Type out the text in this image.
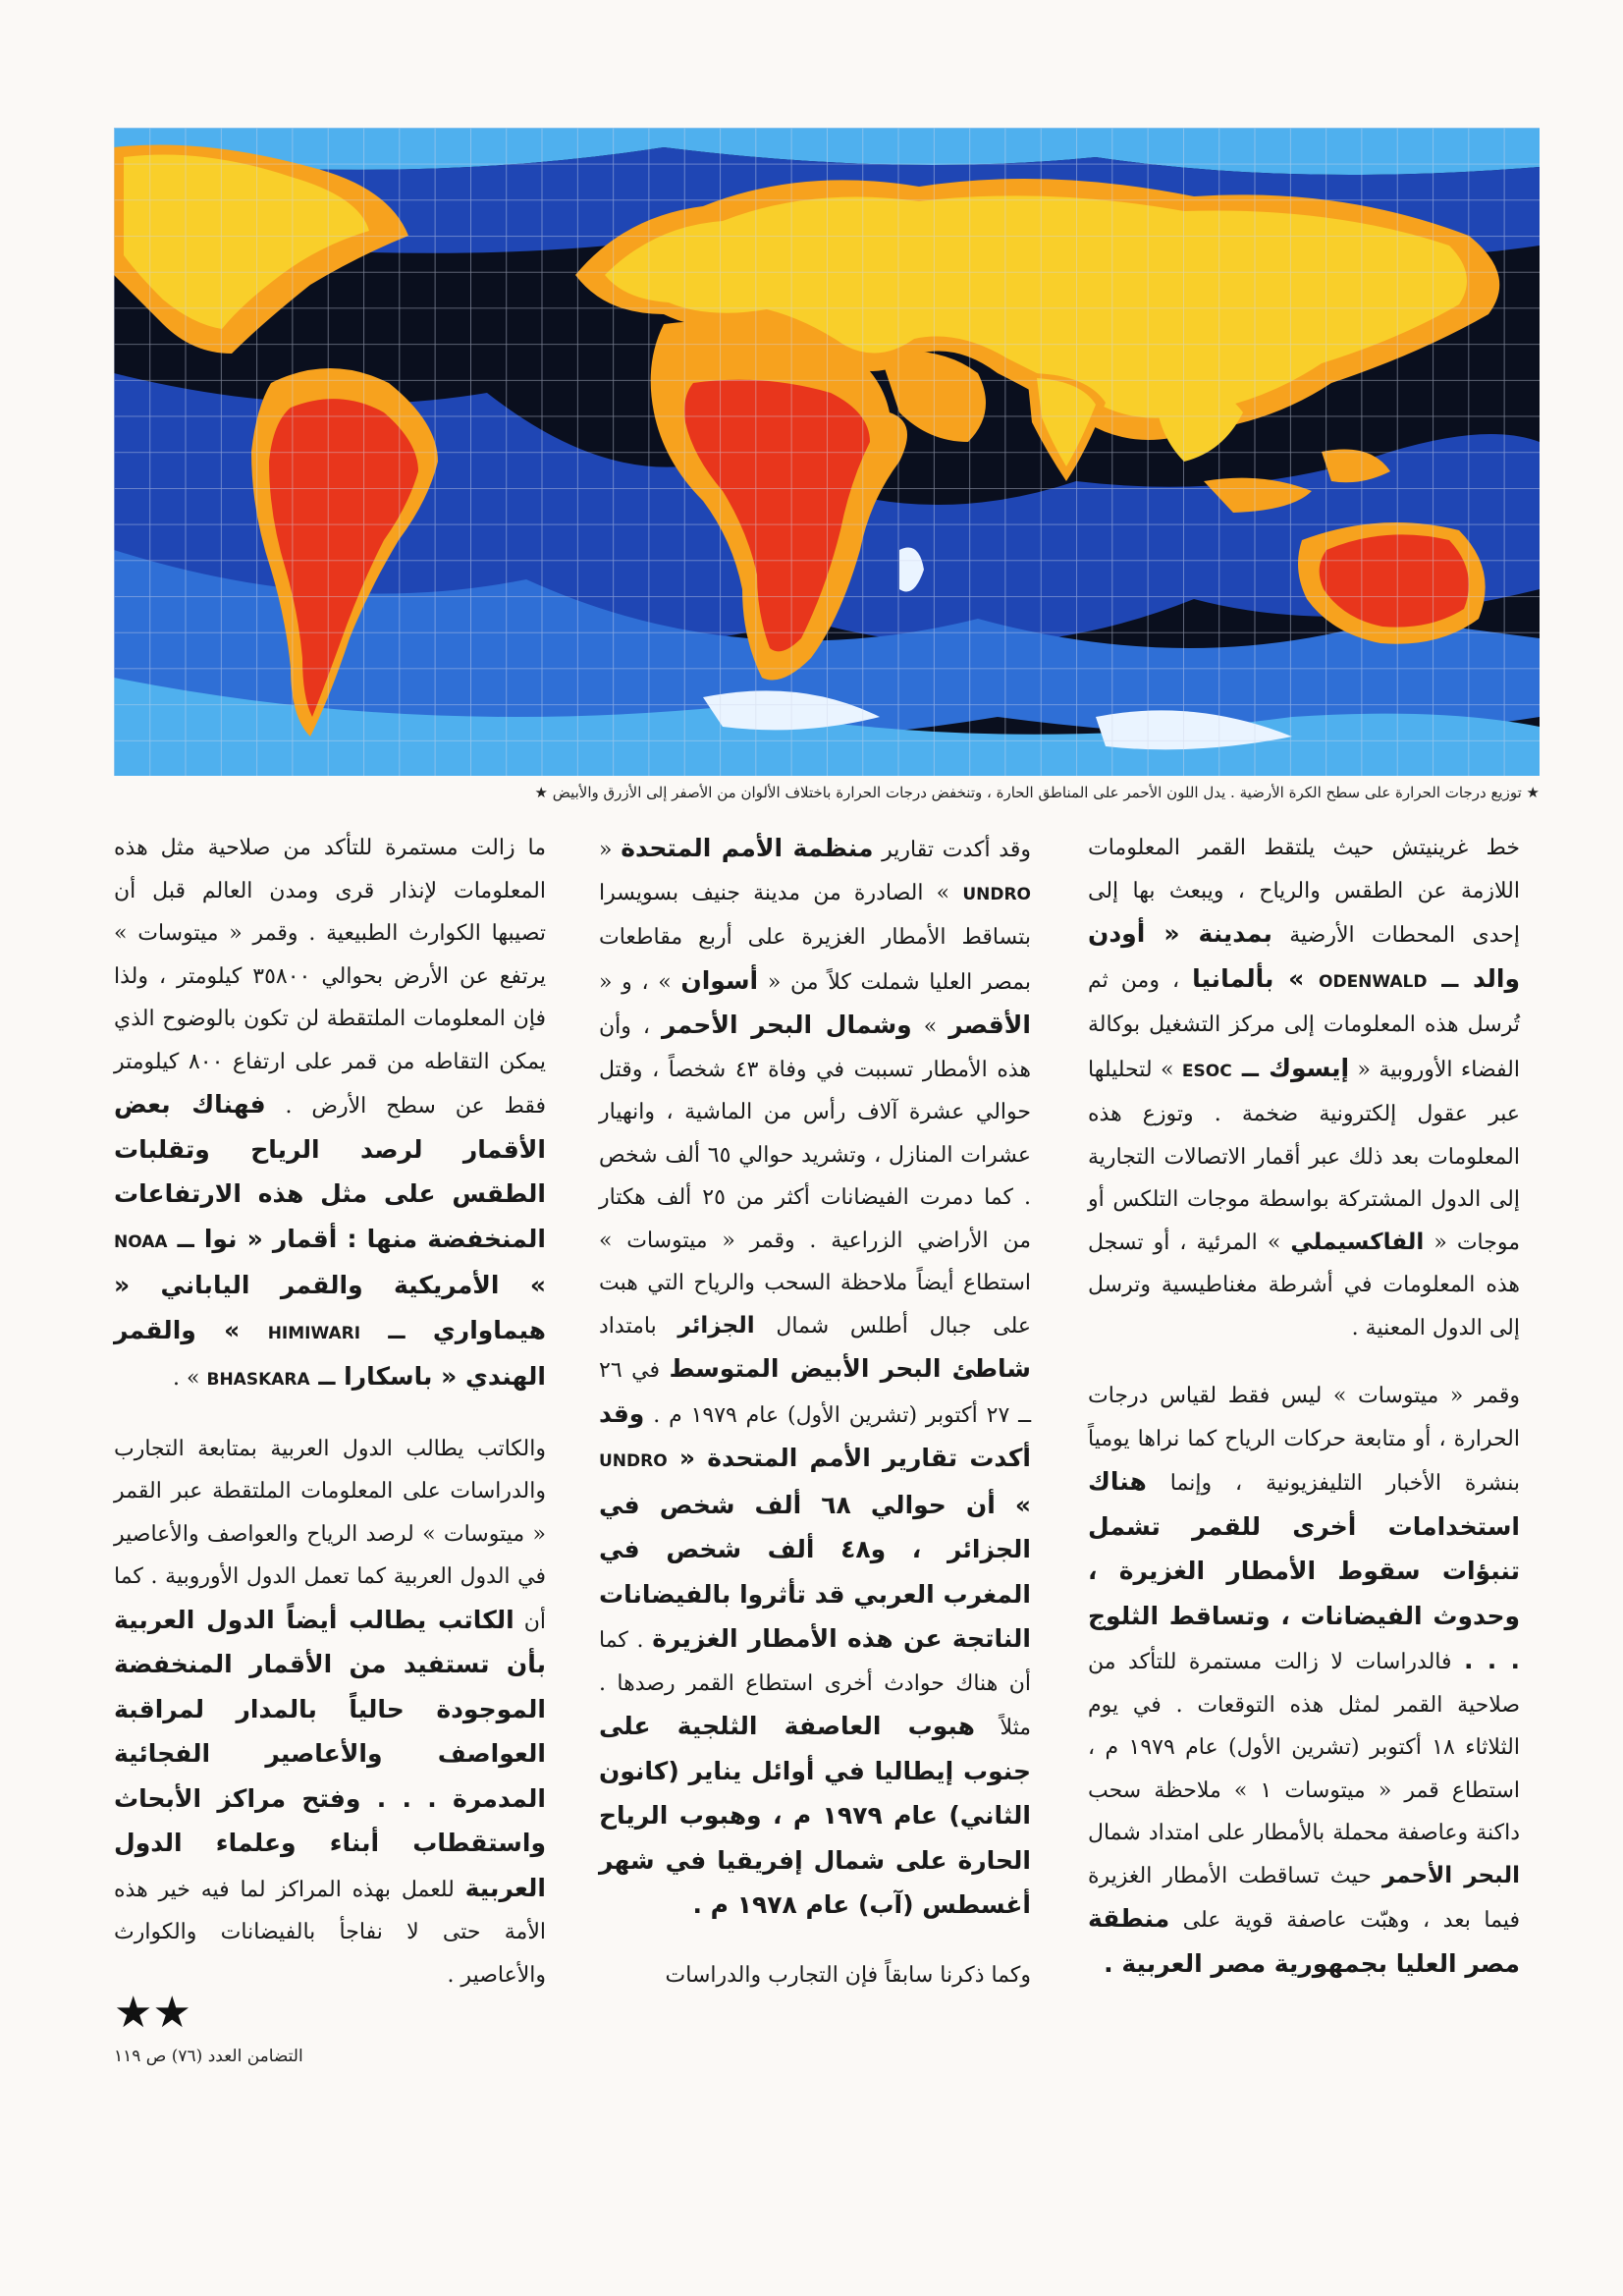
★ توزيع درجات الحرارة على سطح الكرة الأرضية . يدل اللون الأحمر على المناطق الحارة ، وتنخفض درجات الحرارة باختلاف الألوان من الأصفر إلى الأزرق والأبيض ★

خط غرينيتش حيث يلتقط القمر المعلومات اللازمة عن الطقس والرياح ، ويبعث بها إلى إحدى المحطات الأرضية بمدينة « أودن والد ــ ODENWALD » بألمانيا ، ومن ثم تُرسل هذه المعلومات إلى مركز التشغيل بوكالة الفضاء الأوروبية « إيسوك ــ ESOC » لتحليلها عبر عقول إلكترونية ضخمة . وتوزع هذه المعلومات بعد ذلك عبر أقمار الاتصالات التجارية إلى الدول المشتركة بواسطة موجات التلكس أو موجات « الفاكسيملي » المرئية ، أو تسجل هذه المعلومات في أشرطة مغناطيسية وترسل إلى الدول المعنية .

وقمر « ميتوسات » ليس فقط لقياس درجات الحرارة ، أو متابعة حركات الرياح كما نراها يومياً بنشرة الأخبار التليفزيونية ، وإنما هناك استخدامات أخرى للقمر تشمل تنبؤات سقوط الأمطار الغزيرة ، وحدوث الفيضانات ، وتساقط الثلوج . . . فالدراسات لا زالت مستمرة للتأكد من صلاحية القمر لمثل هذه التوقعات . في يوم الثلاثاء ١٨ أكتوبر (تشرين الأول) عام ١٩٧٩ م ، استطاع قمر « ميتوسات ١ » ملاحظة سحب داكنة وعاصفة محملة بالأمطار على امتداد شمال البحر الأحمر حيث تساقطت الأمطار الغزيرة فيما بعد ، وهبّت عاصفة قوية على منطقة مصر العليا بجمهورية مصر العربية .

وقد أكدت تقارير منظمة الأمم المتحدة « UNDRO » الصادرة من مدينة جنيف بسويسرا بتساقط الأمطار الغزيرة على أربع مقاطعات بمصر العليا شملت كلاً من « أسوان » ، و « الأقصر » وشمال البحر الأحمر ، وأن هذه الأمطار تسببت في وفاة ٤٣ شخصاً ، وقتل حوالي عشرة آلاف رأس من الماشية ، وانهيار عشرات المنازل ، وتشريد حوالي ٦٥ ألف شخص . كما دمرت الفيضانات أكثر من ٢٥ ألف هكتار من الأراضي الزراعية . وقمر « ميتوسات » استطاع أيضاً ملاحظة السحب والرياح التي هبت على جبال أطلس شمال الجزائر بامتداد شاطئ البحر الأبيض المتوسط في ٢٦ ــ ٢٧ أكتوبر (تشرين الأول) عام ١٩٧٩ م . وقد أكدت تقارير الأمم المتحدة « UNDRO » أن حوالي ٦٨ ألف شخص في الجزائر ، و٤٨ ألف شخص في المغرب العربي قد تأثروا بالفيضانات الناتجة عن هذه الأمطار الغزيرة . كما أن هناك حوادث أخرى استطاع القمر رصدها . مثلاً هبوب العاصفة الثلجية على جنوب إيطاليا في أوائل يناير (كانون الثاني) عام ١٩٧٩ م ، وهبوب الرياح الحارة على شمال إفريقيا في شهر أغسطس (آب) عام ١٩٧٨ م .

وكما ذكرنا سابقاً فإن التجارب والدراسات

ما زالت مستمرة للتأكد من صلاحية مثل هذه المعلومات لإنذار قرى ومدن العالم قبل أن تصيبها الكوارث الطبيعية . وقمر « ميتوسات » يرتفع عن الأرض بحوالي ٣٥٨٠٠ كيلومتر ، ولذا فإن المعلومات الملتقطة لن تكون بالوضوح الذي يمكن التقاطه من قمر على ارتفاع ٨٠٠ كيلومتر فقط عن سطح الأرض . فهناك بعض الأقمار لرصد الرياح وتقلبات الطقس على مثل هذه الارتفاعات المنخفضة منها : أقمار « نوا ــ NOAA » الأمريكية والقمر الياباني « هيماواري ــ HIMIWARI » والقمر الهندي « باسكارا ــ BHASKARA » .

والكاتب يطالب الدول العربية بمتابعة التجارب والدراسات على المعلومات الملتقطة عبر القمر « ميتوسات » لرصد الرياح والعواصف والأعاصير في الدول العربية كما تعمل الدول الأوروبية . كما أن الكاتب يطالب أيضاً الدول العربية بأن تستفيد من الأقمار المنخفضة الموجودة حالياً بالمدار لمراقبة العواصف والأعاصير الفجائية المدمرة . . . وفتح مراكز الأبحاث واستقطاب أبناء وعلماء الدول العربية للعمل بهذه المراكز لما فيه خير هذه الأمة حتى لا نفاجأ بالفيضانات والكوارث والأعاصير .

★★
التضامن العدد (٧٦) ص ١١٩
